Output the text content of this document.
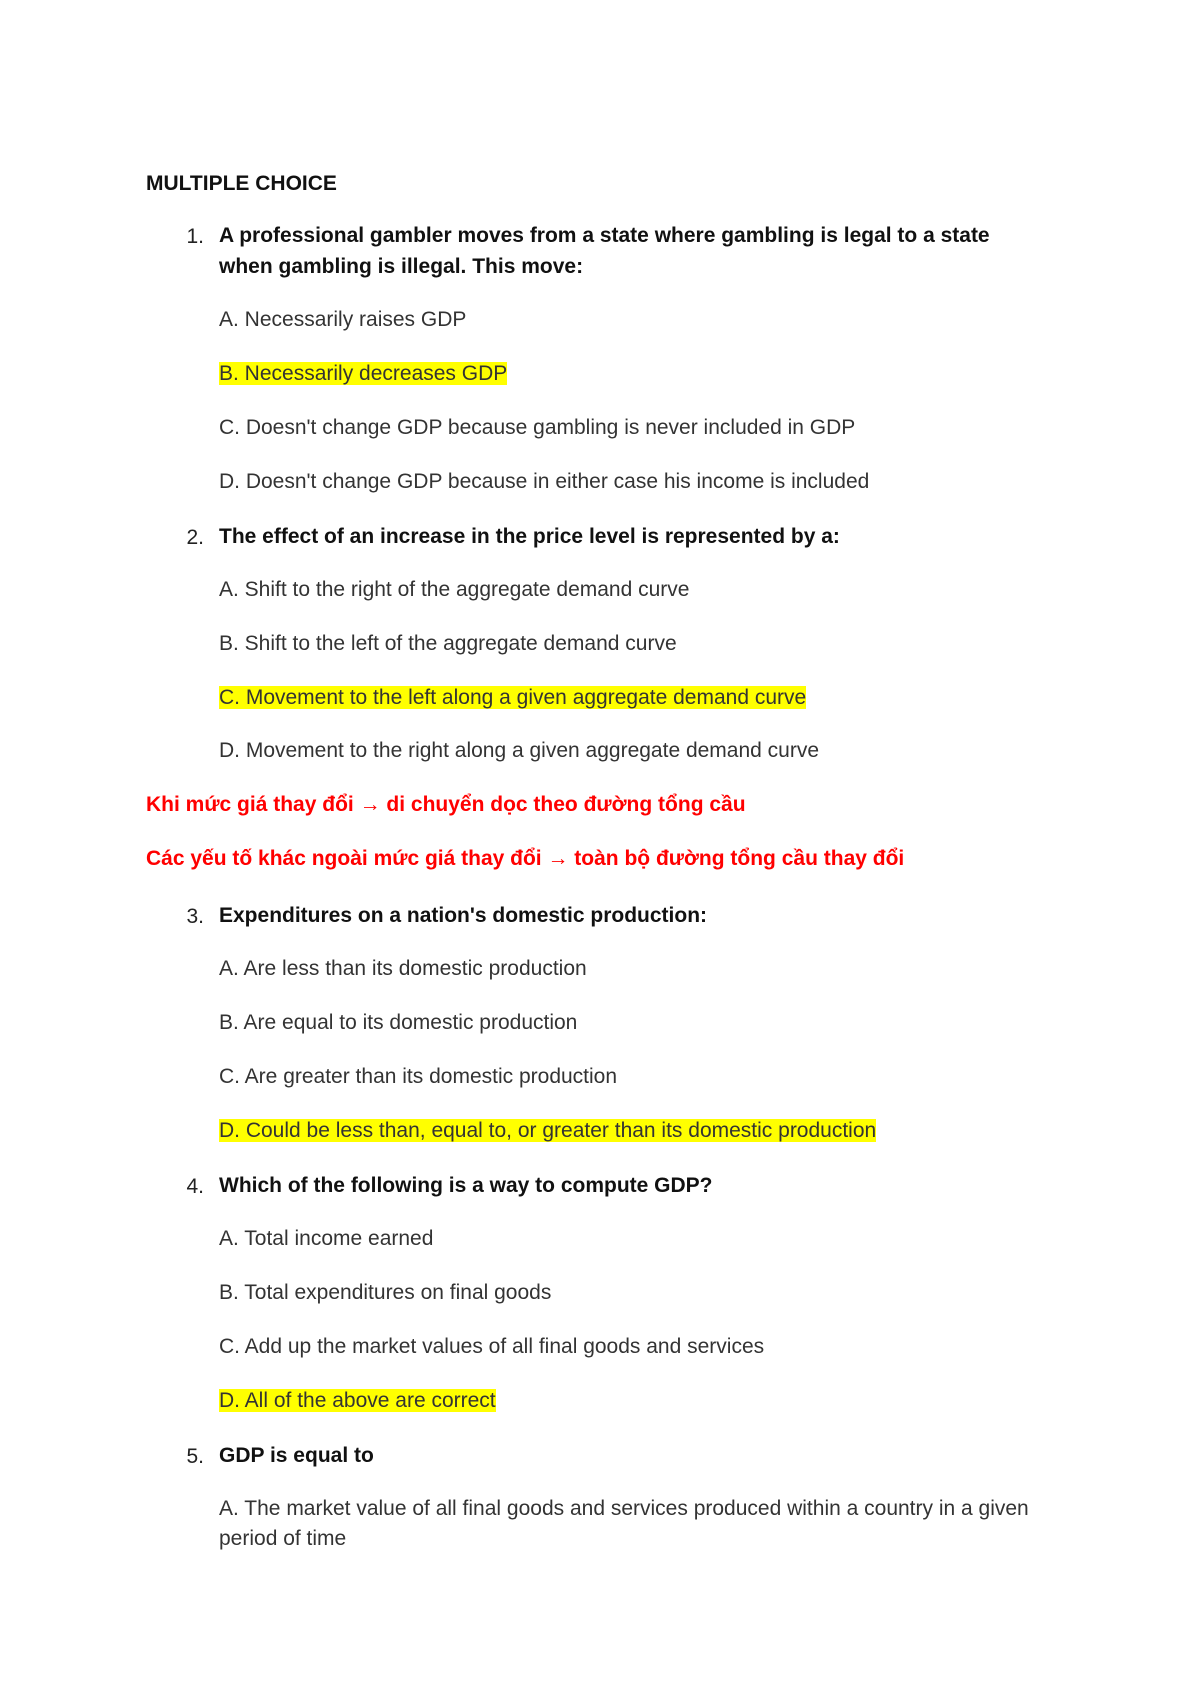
MULTIPLE CHOICE
1. A professional gambler moves from a state where gambling is legal to a state when gambling is illegal. This move:
A. Necessarily raises GDP
B. Necessarily decreases GDP
C. Doesn't change GDP because gambling is never included in GDP
D. Doesn't change GDP because in either case his income is included
2. The effect of an increase in the price level is represented by a:
A. Shift to the right of the aggregate demand curve
B. Shift to the left of the aggregate demand curve
C. Movement to the left along a given aggregate demand curve
D. Movement to the right along a given aggregate demand curve
Khi mức giá thay đổi → di chuyển dọc theo đường tổng cầu
Các yếu tố khác ngoài mức giá thay đổi → toàn bộ đường tổng cầu thay đổi
3. Expenditures on a nation's domestic production:
A. Are less than its domestic production
B. Are equal to its domestic production
C. Are greater than its domestic production
D. Could be less than, equal to, or greater than its domestic production
4. Which of the following is a way to compute GDP?
A. Total income earned
B. Total expenditures on final goods
C. Add up the market values of all final goods and services
D. All of the above are correct
5. GDP is equal to
A. The market value of all final goods and services produced within a country in a given period of time
